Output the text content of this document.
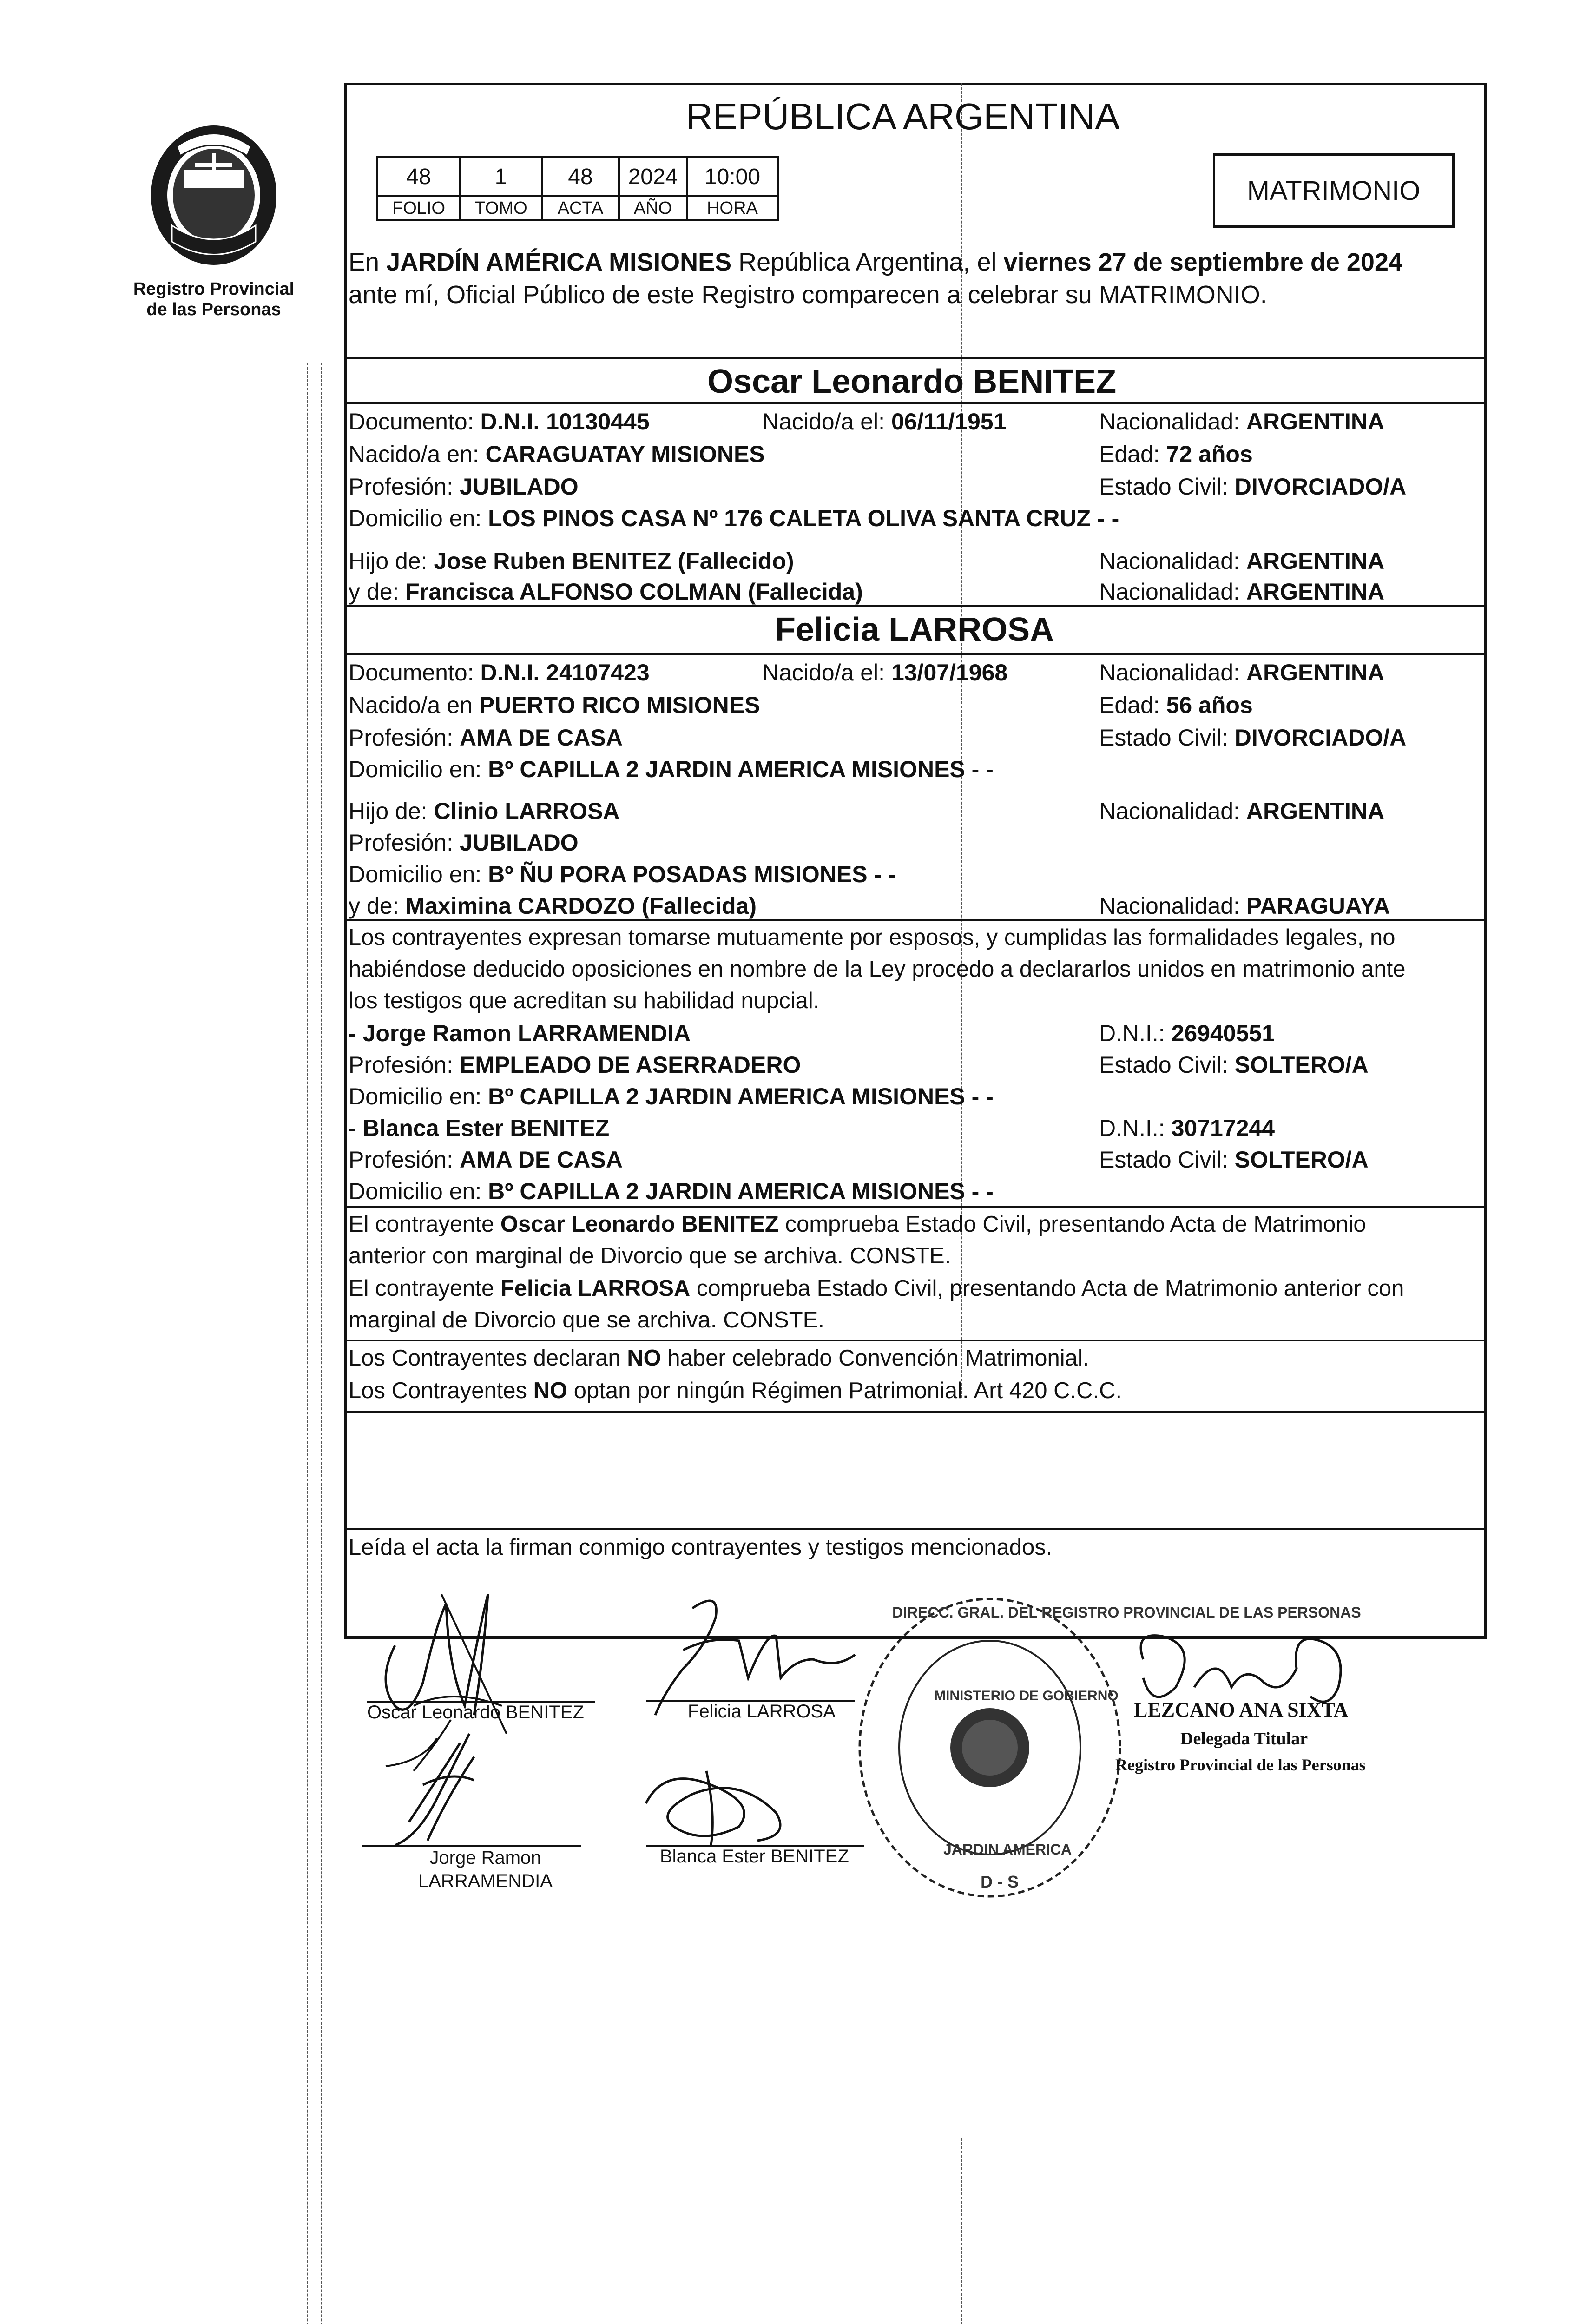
Registro Provincial
de las Personas
REPÚBLICA ARGENTINA
48	1	48	2024	10:00
FOLIO	TOMO	ACTA	AÑO	HORA
MATRIMONIO
En JARDÍN AMÉRICA MISIONES República Argentina, el viernes 27 de septiembre de 2024
ante mí, Oficial Público de este Registro comparecen a celebrar su MATRIMONIO.
Oscar Leonardo BENITEZ
Documento: D.N.I. 10130445	Nacido/a el: 06/11/1951	Nacionalidad: ARGENTINA
Nacido/a en: CARAGUATAY MISIONES	Edad: 72 años
Profesión: JUBILADO	Estado Civil: DIVORCIADO/A
Domicilio en: LOS PINOS CASA Nº 176 CALETA OLIVA SANTA CRUZ - -
Hijo de: Jose Ruben BENITEZ (Fallecido)	Nacionalidad: ARGENTINA
y de: Francisca ALFONSO COLMAN (Fallecida)	Nacionalidad: ARGENTINA
Felicia LARROSA
Documento: D.N.I. 24107423	Nacido/a el: 13/07/1968	Nacionalidad: ARGENTINA
Nacido/a en PUERTO RICO MISIONES	Edad: 56 años
Profesión: AMA DE CASA	Estado Civil: DIVORCIADO/A
Domicilio en: Bº CAPILLA 2 JARDIN AMERICA MISIONES - -
Hijo de: Clinio LARROSA	Nacionalidad: ARGENTINA
Profesión: JUBILADO
Domicilio en: Bº ÑU PORA POSADAS MISIONES - -
y de: Maximina CARDOZO (Fallecida)	Nacionalidad: PARAGUAYA
Los contrayentes expresan tomarse mutuamente por esposos, y cumplidas las formalidades legales, no
habiéndose deducido oposiciones en nombre de la Ley procedo a declararlos unidos en matrimonio ante
los testigos que acreditan su habilidad nupcial.
- Jorge Ramon LARRAMENDIA	D.N.I.: 26940551
Profesión: EMPLEADO DE ASERRADERO	Estado Civil: SOLTERO/A
Domicilio en: Bº CAPILLA 2 JARDIN AMERICA MISIONES - -
- Blanca Ester BENITEZ	D.N.I.: 30717244
Profesión: AMA DE CASA	Estado Civil: SOLTERO/A
Domicilio en: Bº CAPILLA 2 JARDIN AMERICA MISIONES - -
El contrayente Oscar Leonardo BENITEZ comprueba Estado Civil, presentando Acta de Matrimonio
anterior con marginal de Divorcio que se archiva. CONSTE.
El contrayente Felicia LARROSA comprueba Estado Civil, presentando Acta de Matrimonio anterior con
marginal de Divorcio que se archiva. CONSTE.
Los Contrayentes declaran NO haber celebrado Convención Matrimonial.
Los Contrayentes NO optan por ningún Régimen Patrimonial. Art 420 C.C.C.
Leída el acta la firman conmigo contrayentes y testigos mencionados.
Oscar Leonardo BENITEZ	Felicia LARROSA
Jorge Ramon
LARRAMENDIA
Blanca Ester BENITEZ
DIRECC. GRAL. DEL REGISTRO PROVINCIAL DE LAS PERSONAS
MINISTERIO DE GOBIERNO
JARDIN AMERICA
D - S
LEZCANO ANA SIXTA
Delegada Titular
Registro Provincial de las Personas
